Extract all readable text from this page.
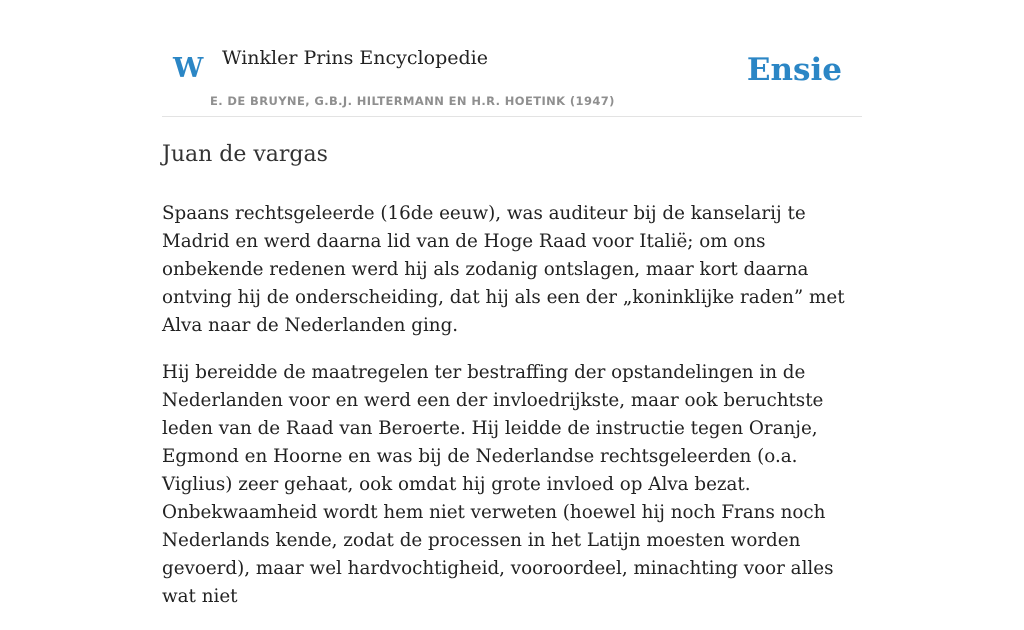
W Winkler Prins Encyclopedie
E. DE BRUYNE, G.B.J. HILTERMANN EN H.R. HOETINK (1947)
Ensie
Juan de vargas

Spaans rechtsgeleerde (16de eeuw), was auditeur bij de kanselarij te Madrid en werd daarna lid van de Hoge Raad voor Italië; om ons onbekende redenen werd hij als zodanig ontslagen, maar kort daarna ontving hij de onderscheiding, dat hij als een der „koninklijke raden” met Alva naar de Nederlanden ging.

Hij bereidde de maatregelen ter bestraffing der opstandelingen in de Nederlanden voor en werd een der invloedrijkste, maar ook beruchtste leden van de Raad van Beroerte. Hij leidde de instructie tegen Oranje, Egmond en Hoorne en was bij de Nederlandse rechtsgeleerden (o.a. Viglius) zeer gehaat, ook omdat hij grote invloed op Alva bezat. Onbekwaamheid wordt hem niet verweten (hoewel hij noch Frans noch Nederlands kende, zodat de processen in het Latijn moesten worden gevoerd), maar wel hardvochtigheid, vooroordeel, minachting voor alles wat niet
